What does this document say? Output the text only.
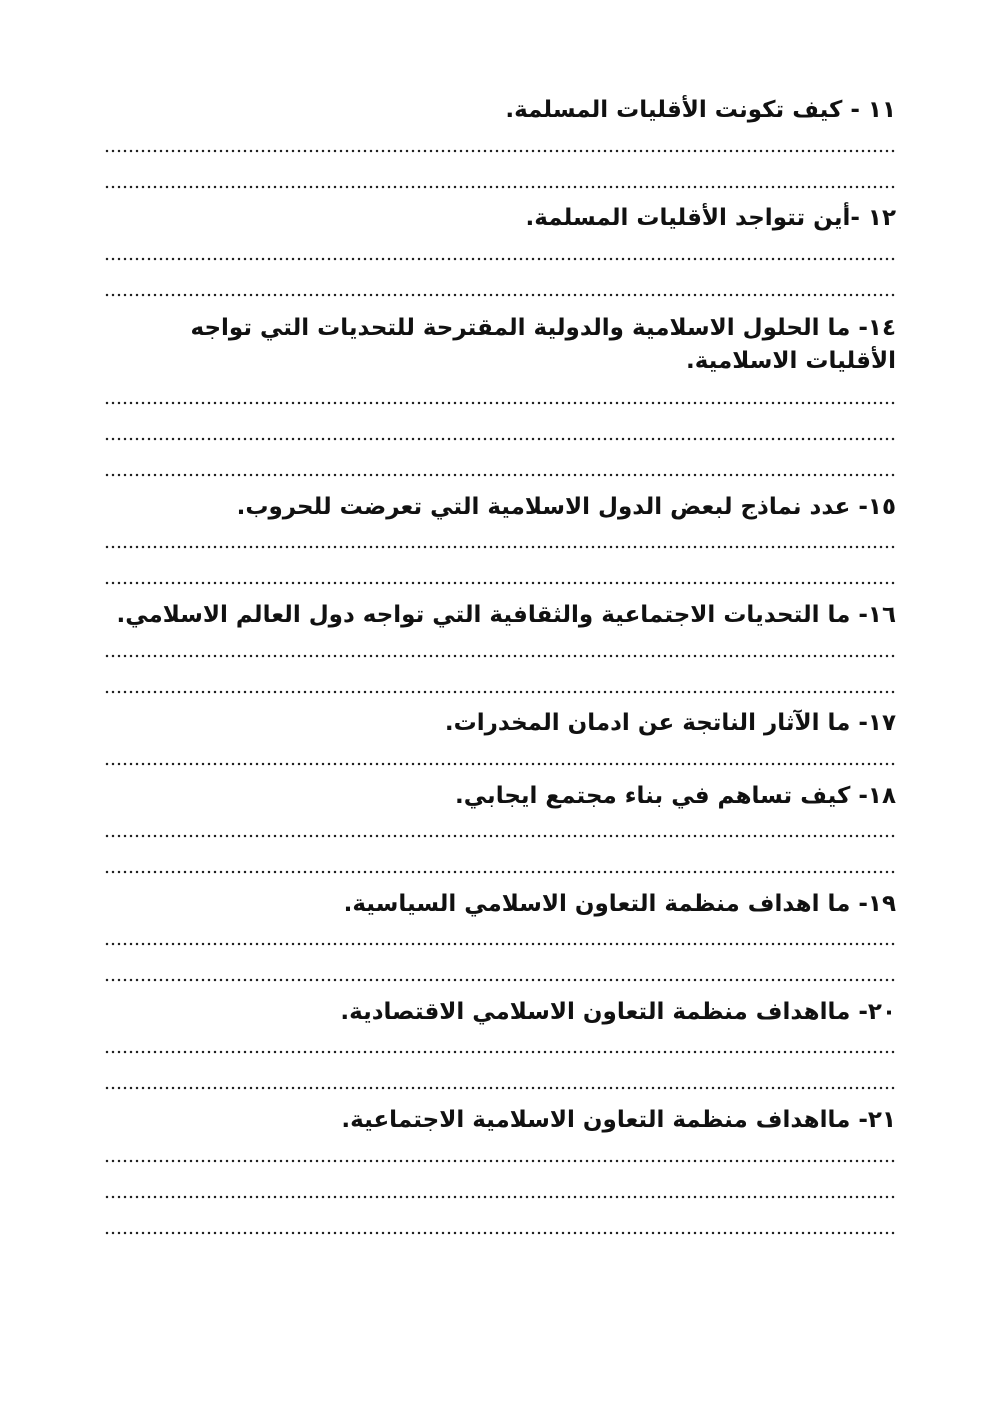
١١ - كيف تكونت الأقليات المسلمة.
١٢ -أين تتواجد الأقليات المسلمة.
١٤- ما الحلول الاسلامية والدولية المقترحة للتحديات التي تواجه الأقليات الاسلامية.
١٥- عدد نماذج لبعض الدول الاسلامية التي تعرضت للحروب.
١٦- ما التحديات الاجتماعية والثقافية التي تواجه دول العالم الاسلامي.
١٧- ما الآثار الناتجة عن ادمان المخدرات.
١٨- كيف تساهم في بناء مجتمع ايجابي.
١٩- ما اهداف منظمة التعاون الاسلامي السياسية.
٢٠- مااهداف منظمة التعاون الاسلامي الاقتصادية.
٢١- مااهداف منظمة التعاون الاسلامية الاجتماعية.
